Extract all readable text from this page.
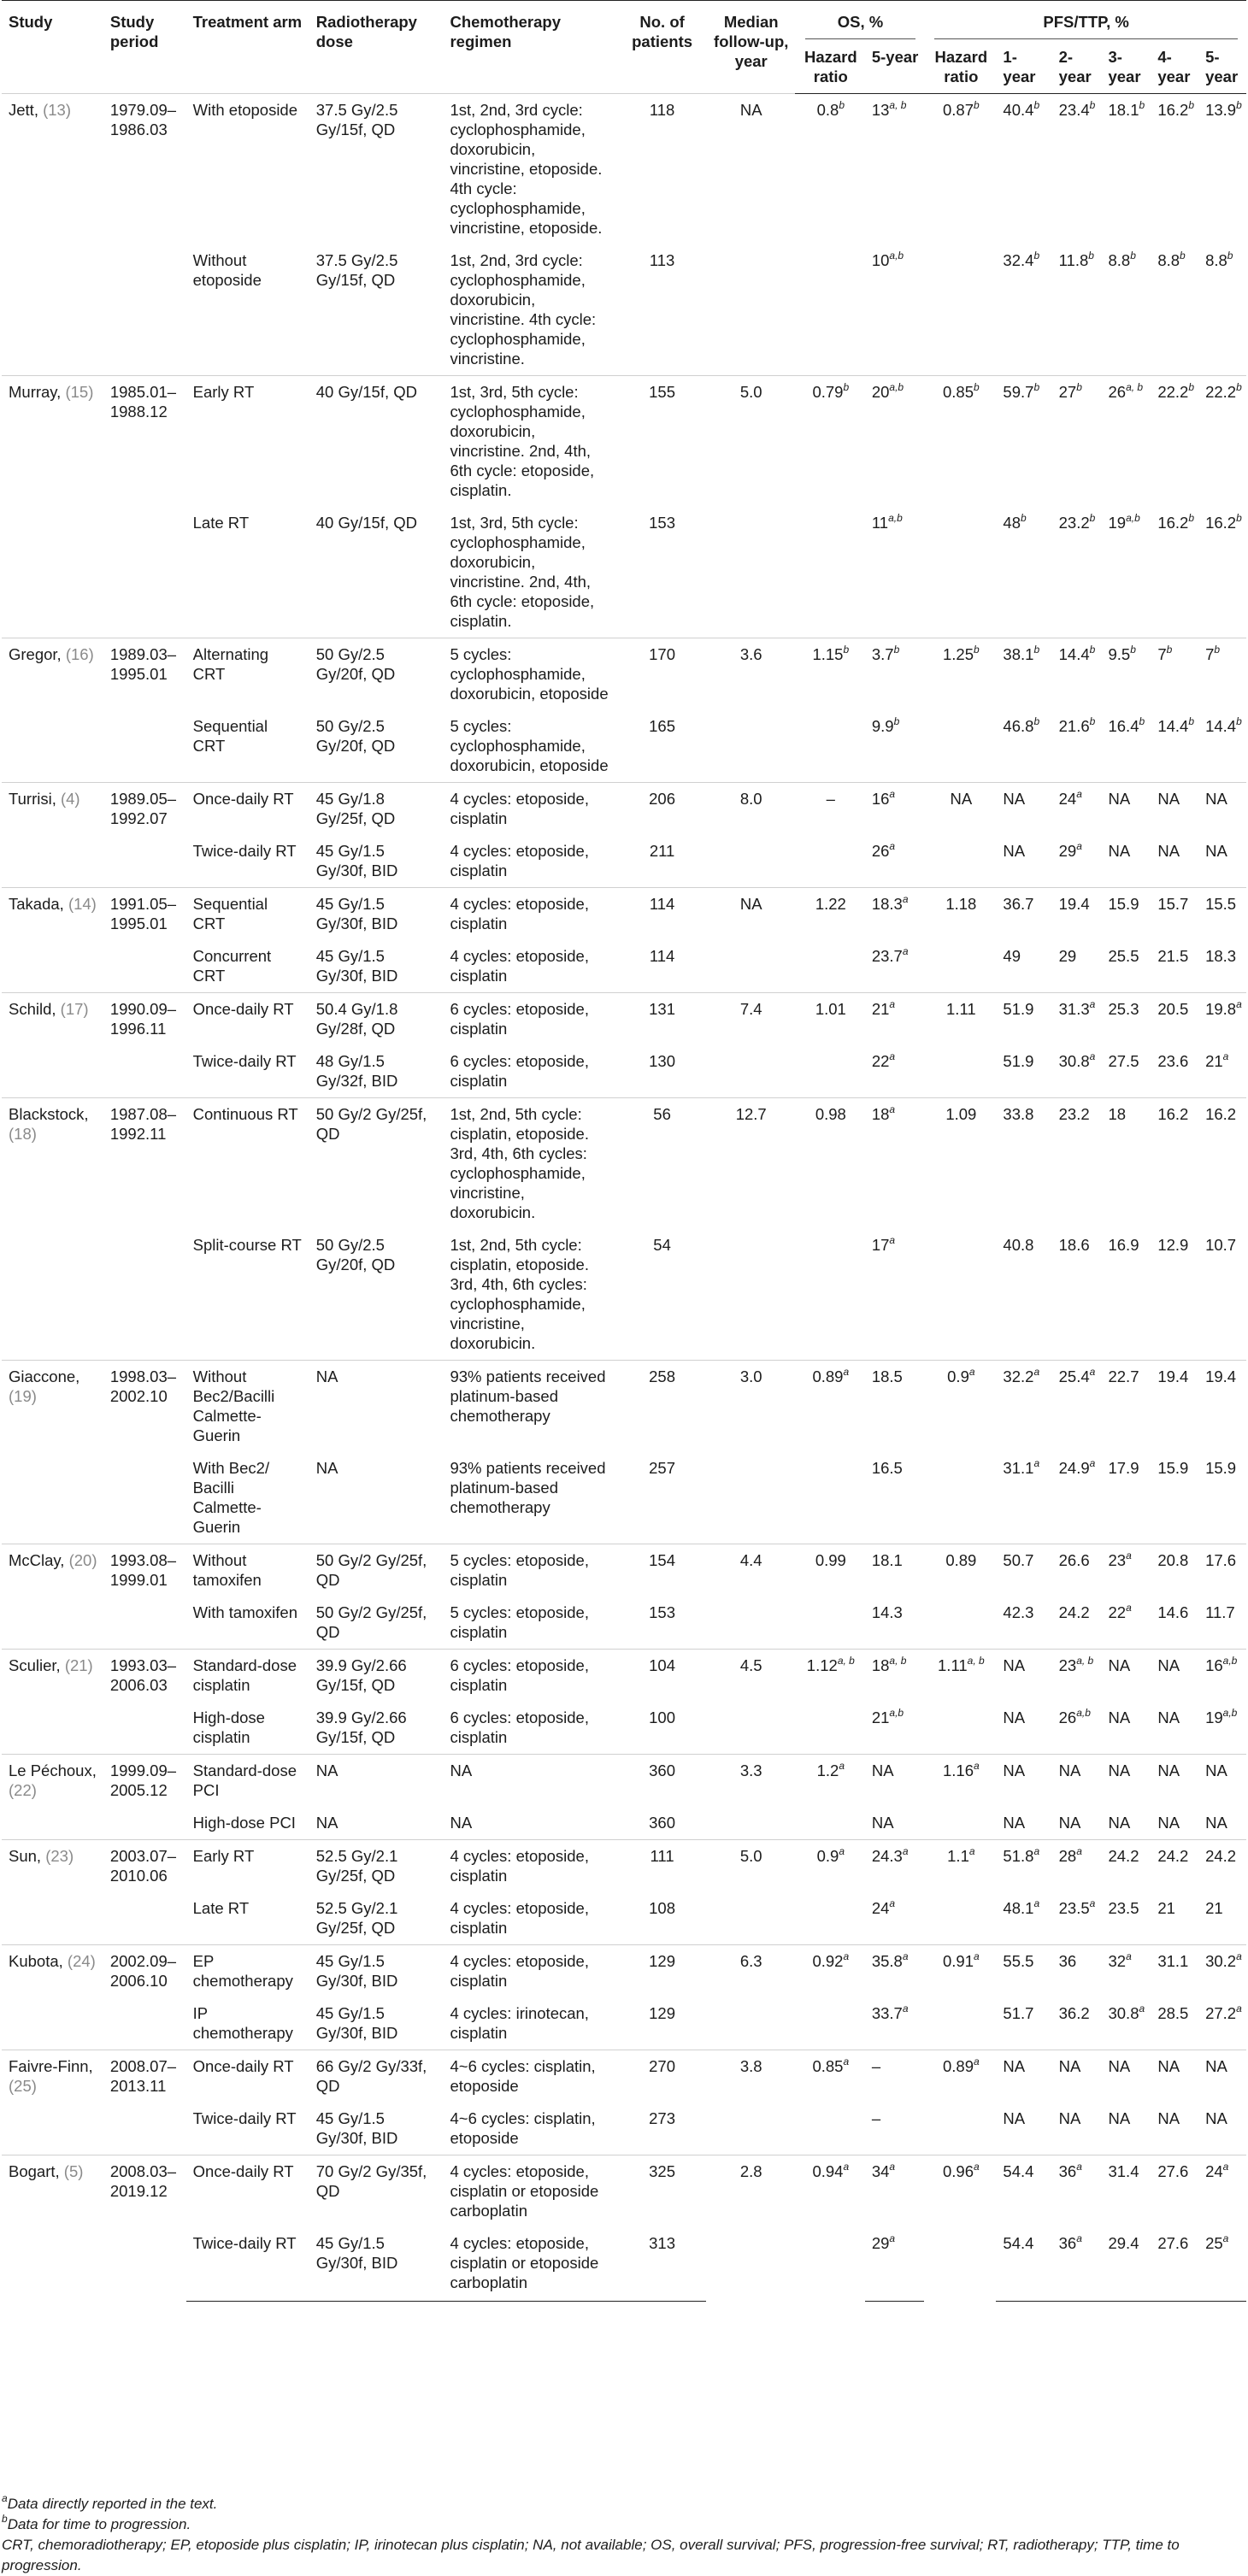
Study	Study period	Treatment arm	Radiotherapy dose	Chemotherapy regimen	No. of patients	Median follow-up, year	OS, %		PFS/TTP, %					

							Hazard ratio	5-year	Hazard ratio	1-year	2-year	3-year	4-year	5-year
Jett, (13)	1979.09–1986.03	With etoposide	37.5 Gy/2.5 Gy/15f, QD	1st, 2nd, 3rd cycle: cyclophosphamide, doxorubicin, vincristine, etoposide. 4th cycle: cyclophosphamide, vincristine, etoposide.	118	NA	0.8$^b$	13$^{a, b}$	0.87$^b$	40.4$^b$	23.4$^b$	18.1$^b$	16.2$^b$	13.9$^b$
		Without etoposide	37.5 Gy/2.5 Gy/15f, QD	1st, 2nd, 3rd cycle: cyclophosphamide, doxorubicin, vincristine. 4th cycle: cyclophosphamide, vincristine.	113			10$^{a,b}$		32.4$^b$	11.8$^b$	8.8$^b$	8.8$^b$	8.8$^b$
Murray, (15)	1985.01–1988.12	Early RT	40 Gy/15f, QD	1st, 3rd, 5th cycle: cyclophosphamide, doxorubicin, vincristine. 2nd, 4th, 6th cycle: etoposide, cisplatin.	155	5.0	0.79$^b$	20$^{a,b}$	0.85$^b$	59.7$^b$	27$^b$	26$^{a, b}$	22.2$^b$	22.2$^b$
		Late RT	40 Gy/15f, QD	1st, 3rd, 5th cycle: cyclophosphamide, doxorubicin, vincristine. 2nd, 4th, 6th cycle: etoposide, cisplatin.	153			11$^{a,b}$		48$^b$	23.2$^b$	19$^{a,b}$	16.2$^b$	16.2$^b$
Gregor, (16)	1989.03–1995.01	Alternating CRT	50 Gy/2.5 Gy/20f, QD	5 cycles: cyclophosphamide, doxorubicin, etoposide	170	3.6	1.15$^b$	3.7$^b$	1.25$^b$	38.1$^b$	14.4$^b$	9.5$^b$	7$^b$	7$^b$
		Sequential CRT	50 Gy/2.5 Gy/20f, QD	5 cycles: cyclophosphamide, doxorubicin, etoposide	165			9.9$^b$		46.8$^b$	21.6$^b$	16.4$^b$	14.4$^b$	14.4$^b$
Turrisi, (4)	1989.05–1992.07	Once-daily RT	45 Gy/1.8 Gy/25f, QD	4 cycles: etoposide, cisplatin	206	8.0	–	16$^a$	NA	NA	24$^a$	NA	NA	NA
		Twice-daily RT	45 Gy/1.5 Gy/30f, BID	4 cycles: etoposide, cisplatin	211			26$^a$		NA	29$^a$	NA	NA	NA
Takada, (14)	1991.05–1995.01	Sequential CRT	45 Gy/1.5 Gy/30f, BID	4 cycles: etoposide, cisplatin	114	NA	1.22	18.3$^a$	1.18	36.7	19.4	15.9	15.7	15.5
		Concurrent CRT	45 Gy/1.5 Gy/30f, BID	4 cycles: etoposide, cisplatin	114			23.7$^a$		49	29	25.5	21.5	18.3
Schild, (17)	1990.09–1996.11	Once-daily RT	50.4 Gy/1.8 Gy/28f, QD	6 cycles: etoposide, cisplatin	131	7.4	1.01	21$^a$	1.11	51.9	31.3$^a$	25.3	20.5	19.8$^a$
		Twice-daily RT	48 Gy/1.5 Gy/32f, BID	6 cycles: etoposide, cisplatin	130			22$^a$		51.9	30.8$^a$	27.5	23.6	21$^a$
Blackstock, (18)	1987.08–1992.11	Continuous RT	50 Gy/2 Gy/25f, QD	1st, 2nd, 5th cycle: cisplatin, etoposide. 3rd, 4th, 6th cycles: cyclophosphamide, vincristine, doxorubicin.	56	12.7	0.98	18$^a$	1.09	33.8	23.2	18	16.2	16.2
		Split-course RT	50 Gy/2.5 Gy/20f, QD	1st, 2nd, 5th cycle: cisplatin, etoposide. 3rd, 4th, 6th cycles: cyclophosphamide, vincristine, doxorubicin.	54			17$^a$		40.8	18.6	16.9	12.9	10.7
Giaccone, (19)	1998.03–2002.10	Without Bec2/Bacilli Calmette-Guerin	NA	93% patients received platinum-based chemotherapy	258	3.0	0.89$^a$	18.5	0.9$^a$	32.2$^a$	25.4$^a$	22.7	19.4	19.4
		With Bec2/ Bacilli Calmette-Guerin	NA	93% patients received platinum-based chemotherapy	257			16.5		31.1$^a$	24.9$^a$	17.9	15.9	15.9
McClay, (20)	1993.08–1999.01	Without tamoxifen	50 Gy/2 Gy/25f, QD	5 cycles: etoposide, cisplatin	154	4.4	0.99	18.1	0.89	50.7	26.6	23$^a$	20.8	17.6
		With tamoxifen	50 Gy/2 Gy/25f, QD	5 cycles: etoposide, cisplatin	153			14.3		42.3	24.2	22$^a$	14.6	11.7
Sculier, (21)	1993.03–2006.03	Standard-dose cisplatin	39.9 Gy/2.66 Gy/15f, QD	6 cycles: etoposide, cisplatin	104	4.5	1.12$^{a, b}$	18$^{a, b}$	1.11$^{a, b}$	NA	23$^{a, b}$	NA	NA	16$^{a,b}$
		High-dose cisplatin	39.9 Gy/2.66 Gy/15f, QD	6 cycles: etoposide, cisplatin	100			21$^{a,b}$		NA	26$^{a,b}$	NA	NA	19$^{a,b}$
Le Péchoux, (22)	1999.09–2005.12	Standard-dose PCI	NA	NA	360	3.3	1.2$^a$	NA	1.16$^a$	NA	NA	NA	NA	NA
		High-dose PCI	NA	NA	360			NA		NA	NA	NA	NA	NA
Sun, (23)	2003.07–2010.06	Early RT	52.5 Gy/2.1 Gy/25f, QD	4 cycles: etoposide, cisplatin	111	5.0	0.9$^a$	24.3$^a$	1.1$^a$	51.8$^a$	28$^a$	24.2	24.2	24.2
		Late RT	52.5 Gy/2.1 Gy/25f, QD	4 cycles: etoposide, cisplatin	108			24$^a$		48.1$^a$	23.5$^a$	23.5	21	21
Kubota, (24)	2002.09–2006.10	EP chemotherapy	45 Gy/1.5 Gy/30f, BID	4 cycles: etoposide, cisplatin	129	6.3	0.92$^a$	35.8$^a$	0.91$^a$	55.5	36	32$^a$	31.1	30.2$^a$
		IP chemotherapy	45 Gy/1.5 Gy/30f, BID	4 cycles: irinotecan, cisplatin	129			33.7$^a$		51.7	36.2	30.8$^a$	28.5	27.2$^a$
Faivre-Finn, (25)	2008.07–2013.11	Once-daily RT	66 Gy/2 Gy/33f, QD	4~6 cycles: cisplatin, etoposide	270	3.8	0.85$^a$	–	0.89$^a$	NA	NA	NA	NA	NA
		Twice-daily RT	45 Gy/1.5 Gy/30f, BID	4~6 cycles: cisplatin, etoposide	273			–		NA	NA	NA	NA	NA
Bogart, (5)	2008.03–2019.12	Once-daily RT	70 Gy/2 Gy/35f, QD	4 cycles: etoposide, cisplatin or etoposide carboplatin	325	2.8	0.94$^a$	34$^a$	0.96$^a$	54.4	36$^a$	31.4	27.6	24$^a$
		Twice-daily RT	45 Gy/1.5 Gy/30f, BID	4 cycles: etoposide, cisplatin or etoposide carboplatin	313			29$^a$		54.4	36$^a$	29.4	27.6	25$^a$

$^a$Data directly reported in the text.

$^b$Data for time to progression.

CRT, chemoradiotherapy; EP, etoposide plus cisplatin; IP, irinotecan plus cisplatin; NA, not available; OS, overall survival; PFS, progression-free survival; RT, radiotherapy; TTP, time to progression.
